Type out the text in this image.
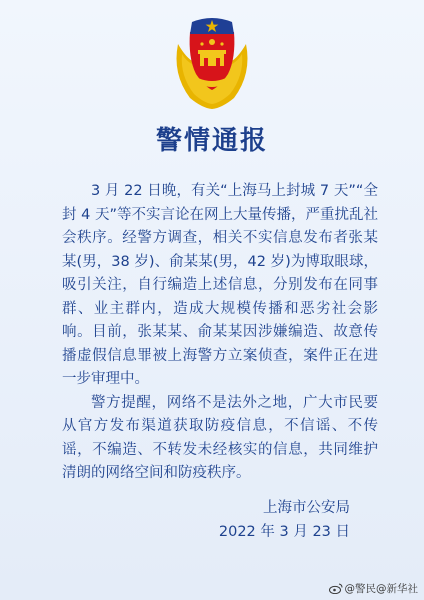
警情通报

3 月 22 日晚，有关“上海马上封城 7 天”“全封 4 天”等不实言论在网上大量传播，严重扰乱社会秩序。经警方调查，相关不实信息发布者张某某(男，38 岁)、俞某某(男，42 岁)为博取眼球，吸引关注，自行编造上述信息，分别发布在同事群、业主群内，造成大规模传播和恶劣社会影响。目前，张某某、俞某某因涉嫌编造、故意传播虚假信息罪被上海警方立案侦查，案件正在进一步审理中。

警方提醒，网络不是法外之地，广大市民要从官方发布渠道获取防疫信息，不信谣、不传谣，不编造、不转发未经核实的信息，共同维护清朗的网络空间和防疫秩序。

上海市公安局
2022 年 3 月 23 日
@警民@新华社
